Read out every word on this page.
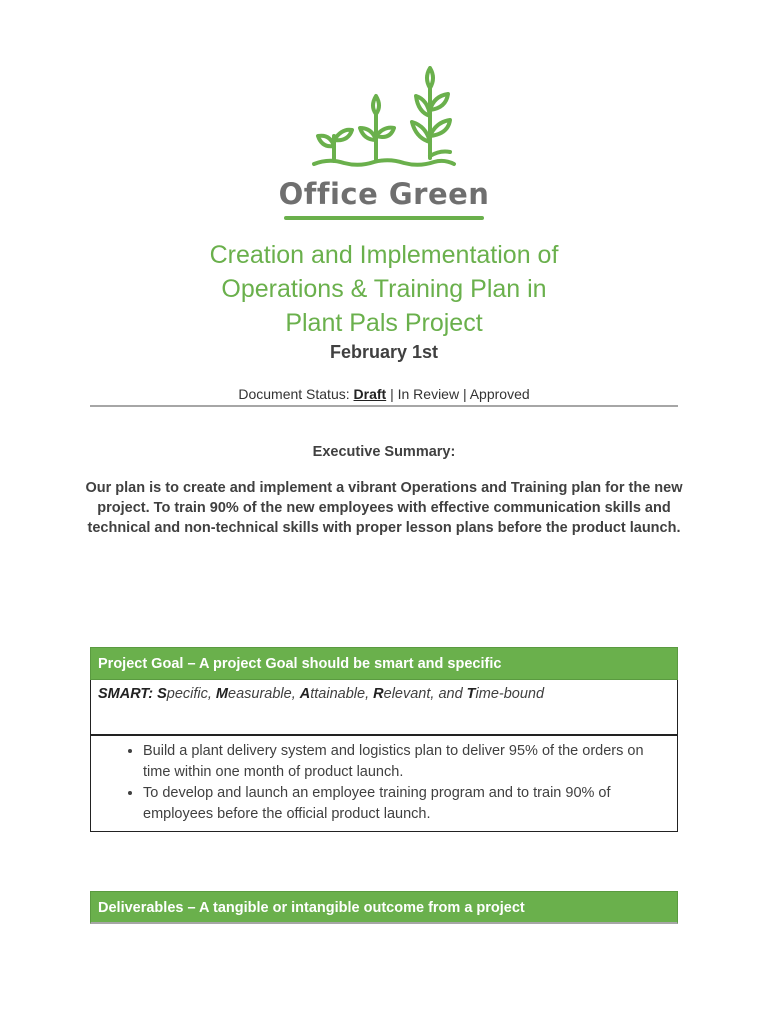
Office Green
Creation and Implementation of
Operations & Training Plan in
Plant Pals Project
February 1st
Document Status: Draft | In Review | Approved
Executive Summary:
Our plan is to create and implement a vibrant Operations and Training plan for the new project. To train 90% of the new employees with effective communication skills and technical and non-technical skills with proper lesson plans before the product launch.
Project Goal – A project Goal should be smart and specific
SMART: Specific, Measurable, Attainable, Relevant, and Time-bound
• Build a plant delivery system and logistics plan to deliver 95% of the orders on time within one month of product launch.
• To develop and launch an employee training program and to train 90% of employees before the official product launch.
Deliverables – A tangible or intangible outcome from a project
